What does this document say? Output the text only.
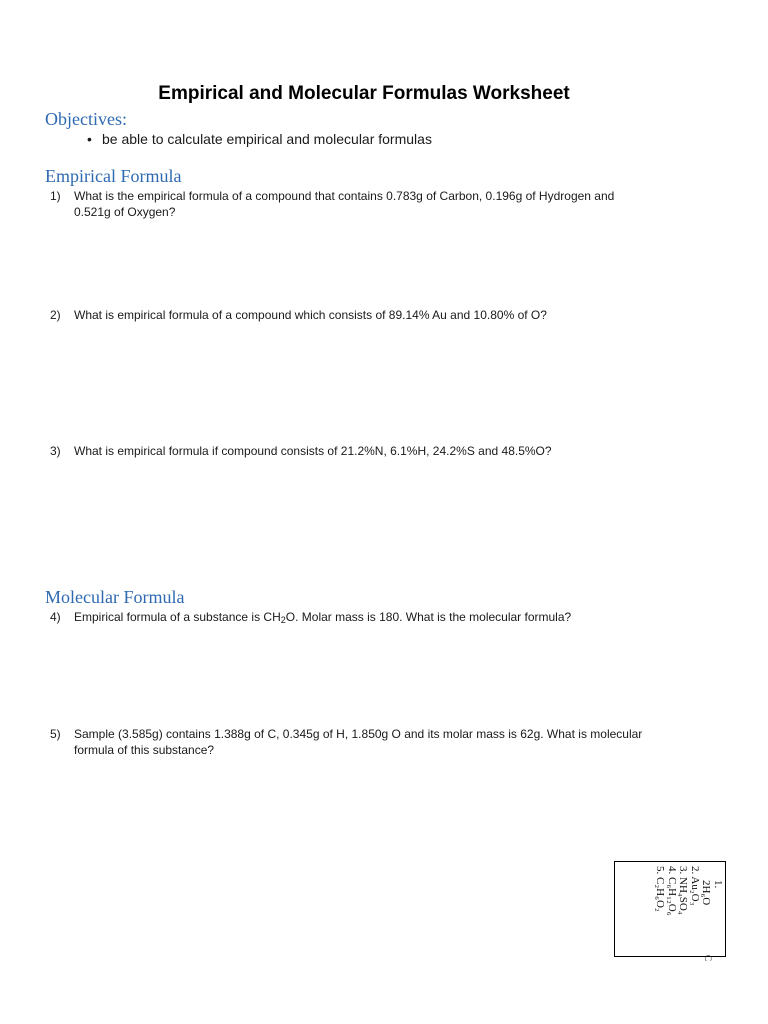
Empirical and Molecular Formulas Worksheet
Objectives:
• be able to calculate empirical and molecular formulas
Empirical Formula
1)	What is the empirical formula of a compound that contains 0.783g of Carbon, 0.196g of Hydrogen and 0.521g of Oxygen?
2)	What is empirical formula of a compound which consists of 89.14% Au and 10.80% of O?
3)	What is empirical formula if compound consists of 21.2%N, 6.1%H, 24.2%S and 48.5%O?
Molecular Formula
4)	Empirical formula of a substance is $CH_2O$. Molar mass is 180. What is the molecular formula?
5)	Sample (3.585g) contains 1.388g of C, 0.345g of H, 1.850g O and its molar mass is 62g. What is molecular formula of this substance?
1.
2H₆O
2. Au₂O₃
3. NH₄SO₄
4. C₆H₁₂O₆
5. C₂H₆O₂
C
